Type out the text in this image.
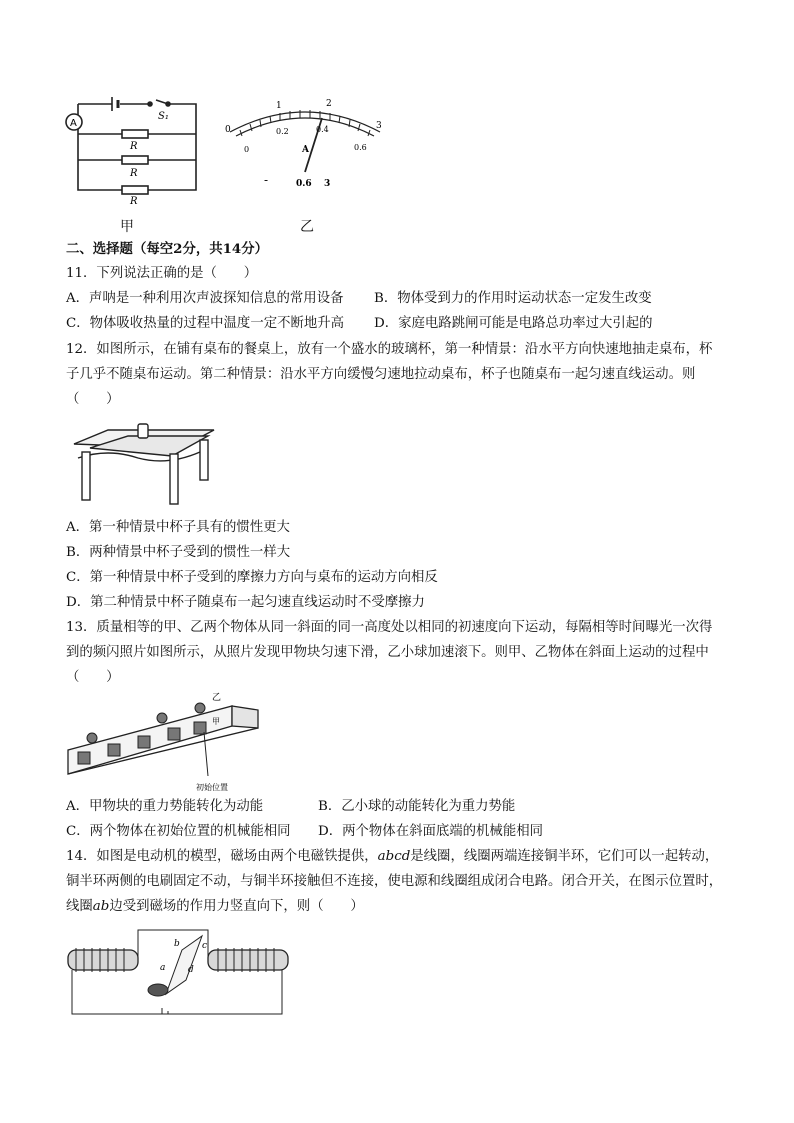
A
S₁
R
R
R
甲
0
1	2
3
0.2	0.4
0.6
0	A
-	0.6 3
乙
二、选择题（每空2分，共14分）
11．下列说法正确的是（　　）
A．声呐是一种利用次声波探知信息的常用设备 B．物体受到力的作用时运动状态一定发生改变
C．物体吸收热量的过程中温度一定不断地升高 D．家庭电路跳闸可能是电路总功率过大引起的
12．如图所示，在铺有桌布的餐桌上，放有一个盛水的玻璃杯，第一种情景：沿水平方向快速地抽走桌布，杯
子几乎不随桌布运动。第二种情景：沿水平方向缓慢匀速地拉动桌布，杯子也随桌布一起匀速直线运动。则
（　　）
A．第一种情景中杯子具有的惯性更大
B．两种情景中杯子受到的惯性一样大
C．第一种情景中杯子受到的摩擦力方向与桌布的运动方向相反
D．第二种情景中杯子随桌布一起匀速直线运动时不受摩擦力
13．质量相等的甲、乙两个物体从同一斜面的同一高度处以相同的初速度向下运动，每隔相等时间曝光一次得
到的频闪照片如图所示，从照片发现甲物块匀速下滑，乙小球加速滚下。则甲、乙物体在斜面上运动的过程中
（　　）
乙
甲
初始位置
A．甲物块的重力势能转化为动能	B．乙小球的动能转化为重力势能
C．两个物体在初始位置的机械能相同 D．两个物体在斜面底端的机械能相同
14．如图是电动机的模型，磁场由两个电磁铁提供，abcd是线圈，线圈两端连接铜半环，它们可以一起转动，
铜半环两侧的电刷固定不动，与铜半环接触但不连接，使电源和线圈组成闭合电路。闭合开关，在图示位置时，
线圈ab边受到磁场的作用力竖直向下，则（　　）
a
b c
d
